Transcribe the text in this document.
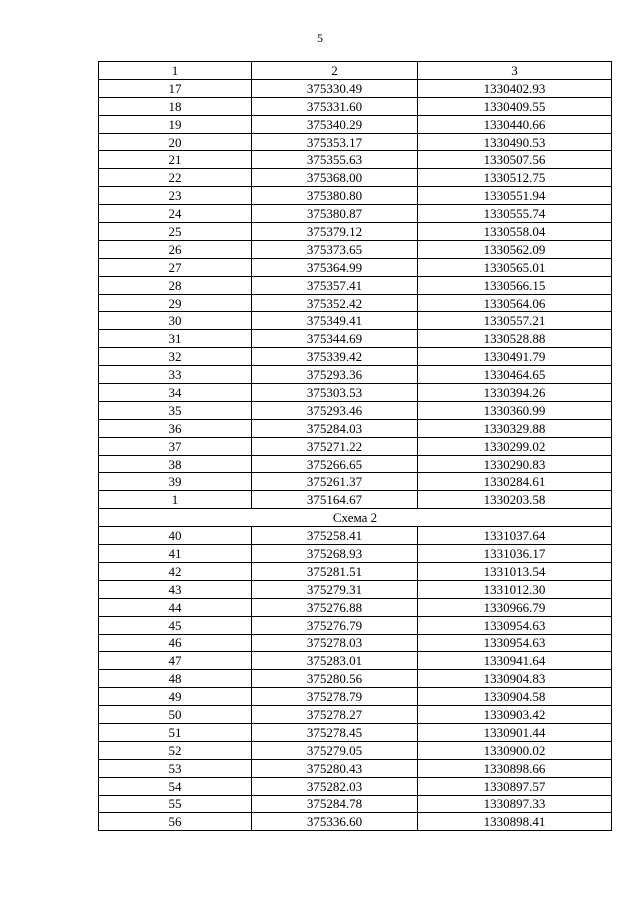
5
1	2	3
17	375330.49	1330402.93
18	375331.60	1330409.55
19	375340.29	1330440.66
20	375353.17	1330490.53
21	375355.63	1330507.56
22	375368.00	1330512.75
23	375380.80	1330551.94
24	375380.87	1330555.74
25	375379.12	1330558.04
26	375373.65	1330562.09
27	375364.99	1330565.01
28	375357.41	1330566.15
29	375352.42	1330564.06
30	375349.41	1330557.21
31	375344.69	1330528.88
32	375339.42	1330491.79
33	375293.36	1330464.65
34	375303.53	1330394.26
35	375293.46	1330360.99
36	375284.03	1330329.88
37	375271.22	1330299.02
38	375266.65	1330290.83
39	375261.37	1330284.61
1	375164.67	1330203.58
Схема 2		
40	375258.41	1331037.64
41	375268.93	1331036.17
42	375281.51	1331013.54
43	375279.31	1331012.30
44	375276.88	1330966.79
45	375276.79	1330954.63
46	375278.03	1330954.63
47	375283.01	1330941.64
48	375280.56	1330904.83
49	375278.79	1330904.58
50	375278.27	1330903.42
51	375278.45	1330901.44
52	375279.05	1330900.02
53	375280.43	1330898.66
54	375282.03	1330897.57
55	375284.78	1330897.33
56	375336.60	1330898.41
